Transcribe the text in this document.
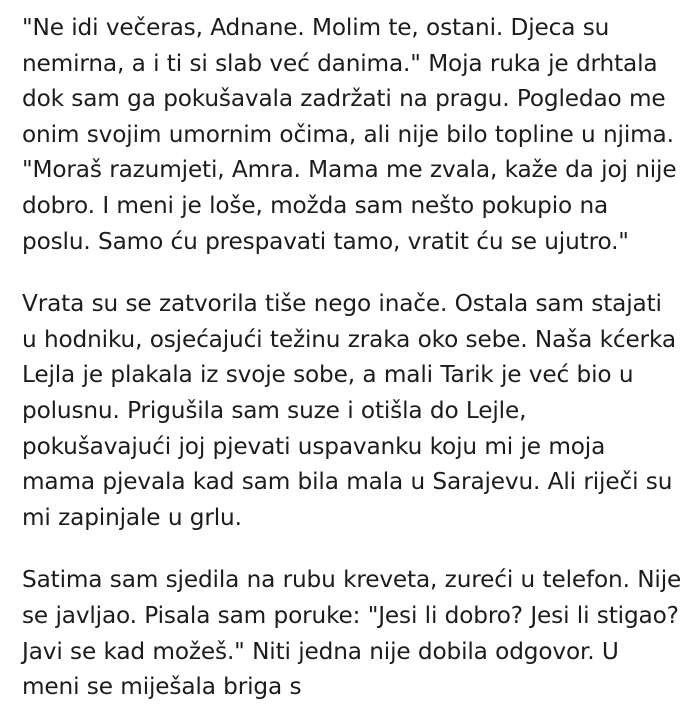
"Ne idi večeras, Adnane. Molim te, ostani. Djeca su nemirna, a i ti si slab već danima." Moja ruka je drhtala dok sam ga pokušavala zadržati na pragu. Pogledao me onim svojim umornim očima, ali nije bilo topline u njima. "Moraš razumjeti, Amra. Mama me zvala, kaže da joj nije dobro. I meni je loše, možda sam nešto pokupio na poslu. Samo ću prespavati tamo, vratit ću se ujutro."

Vrata su se zatvorila tiše nego inače. Ostala sam stajati u hodniku, osjećajući težinu zraka oko sebe. Naša kćerka Lejla je plakala iz svoje sobe, a mali Tarik je već bio u polusnu. Prigušila sam suze i otišla do Lejle, pokušavajući joj pjevati uspavanku koju mi je moja mama pjevala kad sam bila mala u Sarajevu. Ali riječi su mi zapinjale u grlu.

Satima sam sjedila na rubu kreveta, zureći u telefon. Nije se javljao. Pisala sam poruke: "Jesi li dobro? Jesi li stigao? Javi se kad možeš." Niti jedna nije dobila odgovor. U meni se miješala briga s
